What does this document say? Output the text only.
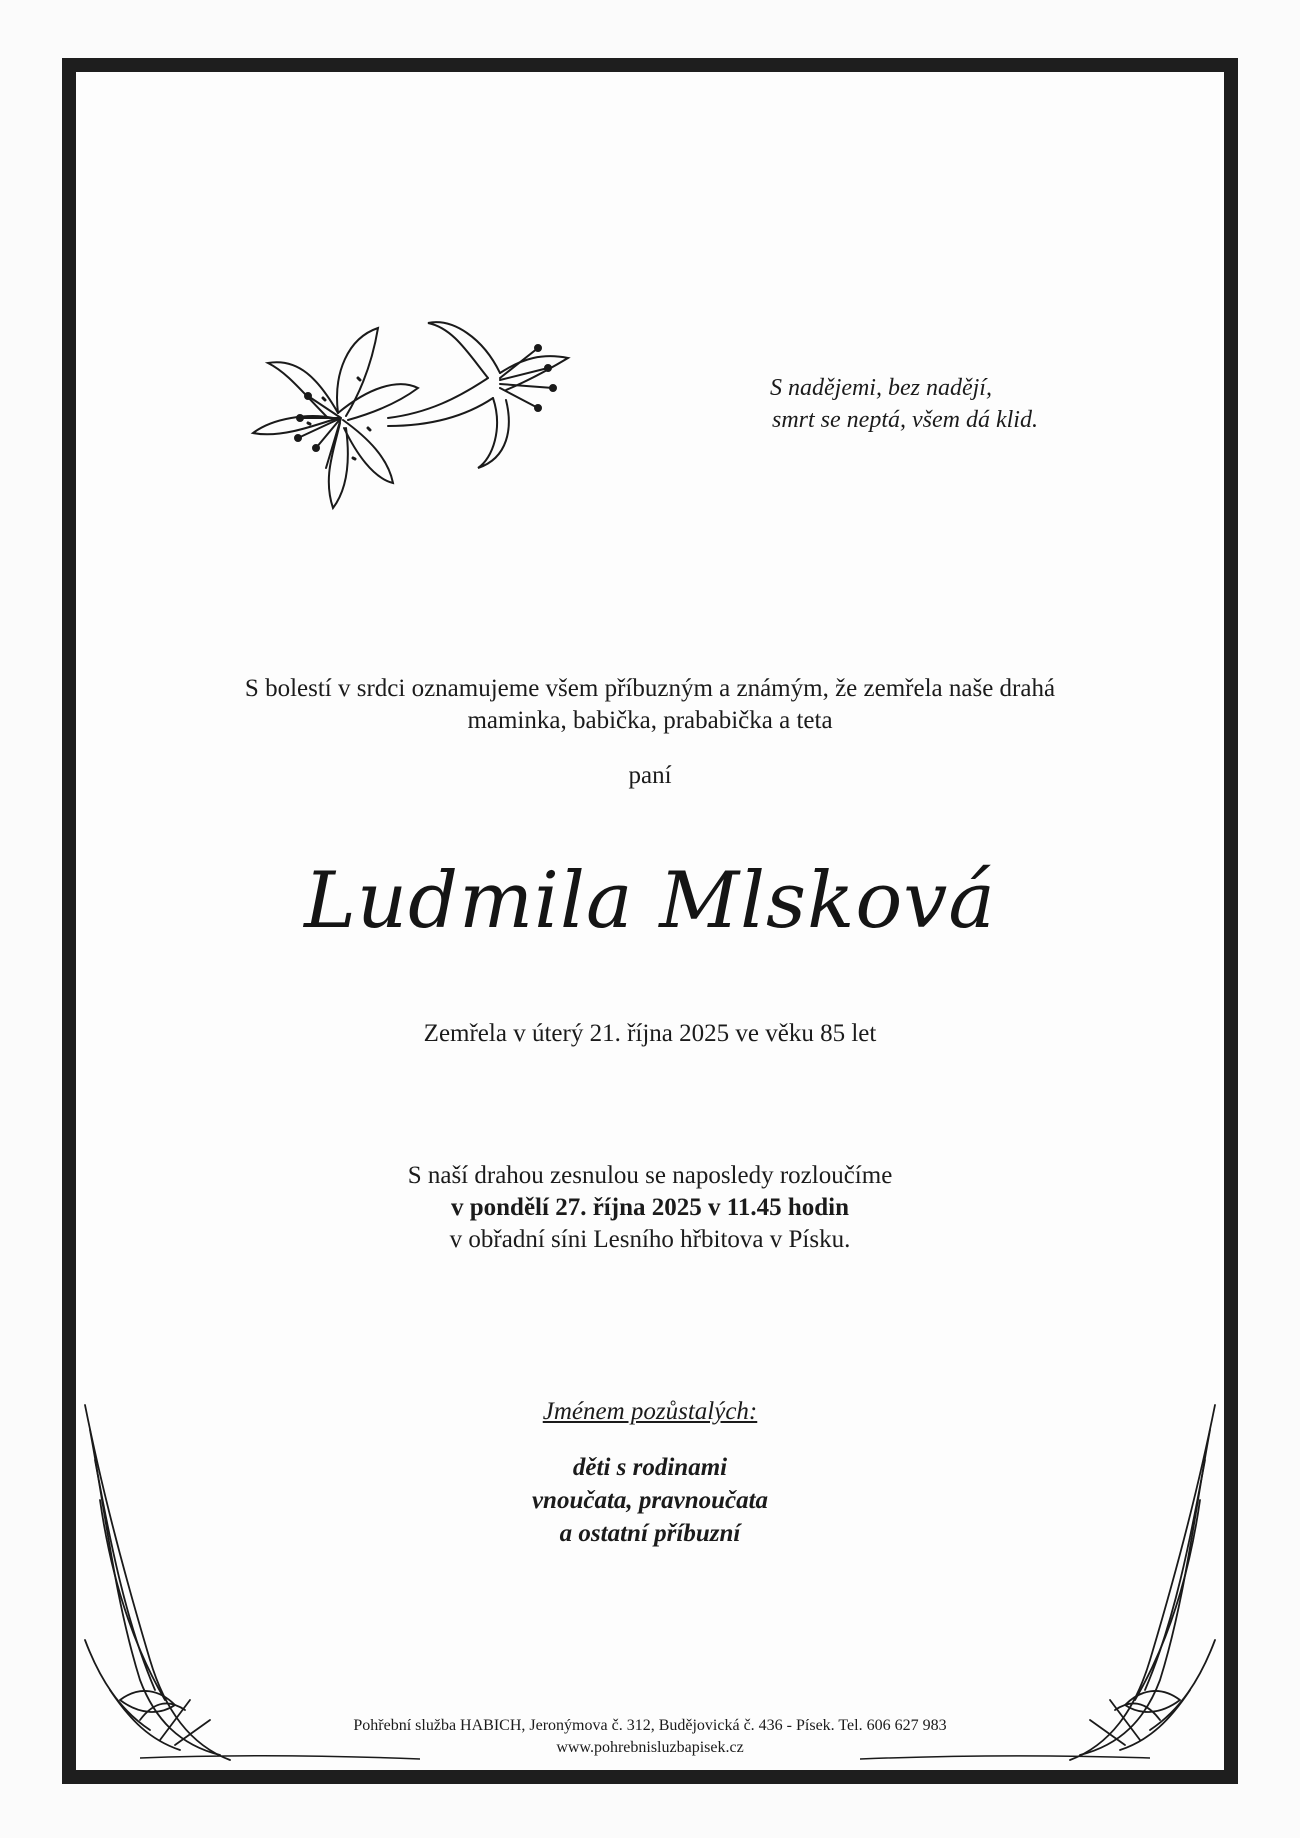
S nadějemi, bez nadějí,
smrt se neptá, všem dá klid.
S bolestí v srdci oznamujeme všem příbuzným a známým, že zemřela naše drahá
maminka, babička, prababička a teta
paní
Ludmila Mlsková
Zemřela v úterý 21. října 2025 ve věku 85 let
S naší drahou zesnulou se naposledy rozloučíme
v pondělí 27. října 2025 v 11.45 hodin
v obřadní síni Lesního hřbitova v Písku.
Jménem pozůstalých:
děti s rodinami
vnoučata, pravnoučata
a ostatní příbuzní
Pohřební služba HABICH, Jeronýmova č. 312, Budějovická č. 436 - Písek. Tel. 606 627 983
www.pohrebnisluzbapisek.cz
